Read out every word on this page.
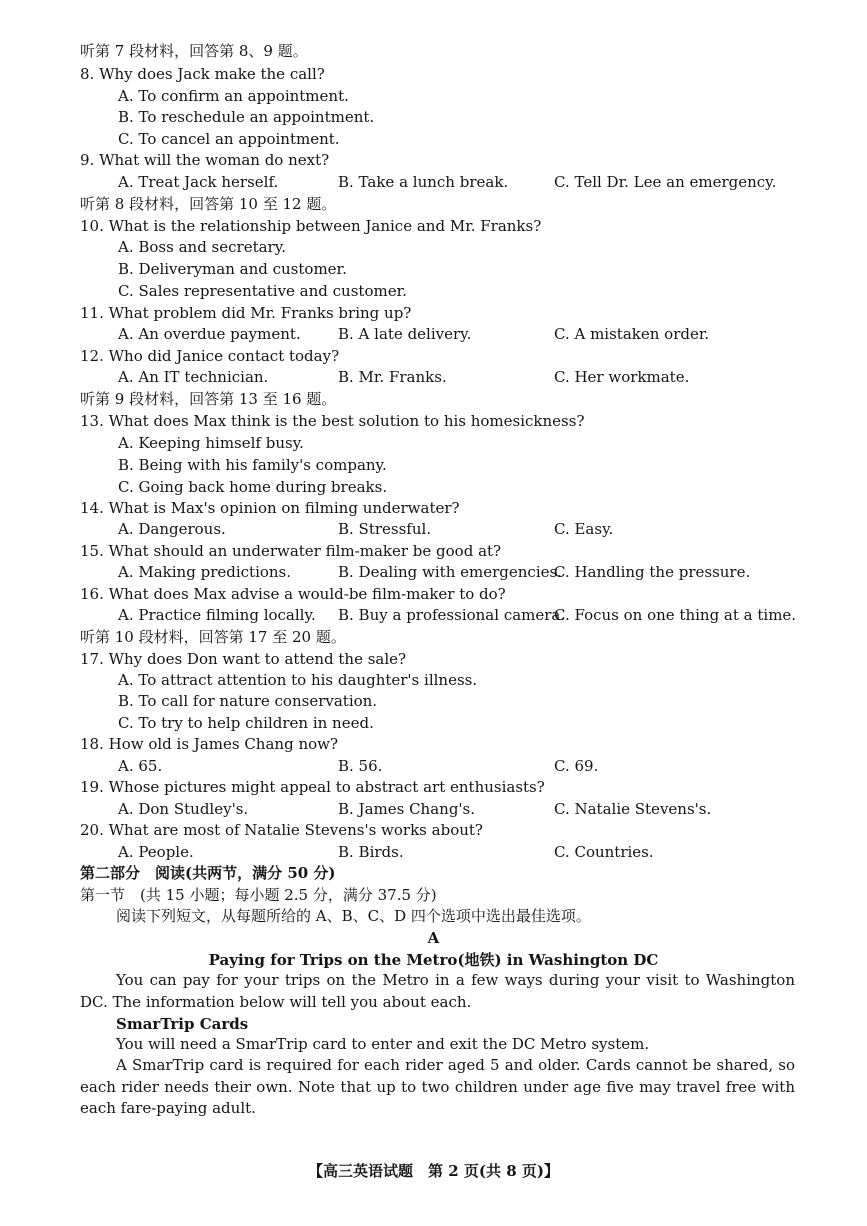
听第 7 段材料，回答第 8、9 题。
8. Why does Jack make the call?
A. To confirm an appointment.
B. To reschedule an appointment.
C. To cancel an appointment.
9. What will the woman do next?
A. Treat Jack herself.	B. Take a lunch break.	C. Tell Dr. Lee an emergency.
听第 8 段材料，回答第 10 至 12 题。
10. What is the relationship between Janice and Mr. Franks?
A. Boss and secretary.
B. Deliveryman and customer.
C. Sales representative and customer.
11. What problem did Mr. Franks bring up?
A. An overdue payment. B. A late delivery.	C. A mistaken order.
12. Who did Janice contact today?
A. An IT technician.	B. Mr. Franks.	C. Her workmate.
听第 9 段材料，回答第 13 至 16 题。
13. What does Max think is the best solution to his homesickness?
A. Keeping himself busy.
B. Being with his family's company.
C. Going back home during breaks.
14. What is Max's opinion on filming underwater?
A. Dangerous.	B. Stressful.	C. Easy.
15. What should an underwater film-maker be good at?
A. Making predictions.	B. Dealing with emergencies.
C. Handling the pressure.
16. What does Max advise a would-be film-maker to do?
A. Practice filming locally. B. Buy a professional camera.
C. Focus on one thing at a time.
听第 10 段材料，回答第 17 至 20 题。
17. Why does Don want to attend the sale?
A. To attract attention to his daughter's illness.
B. To call for nature conservation.
C. To try to help children in need.
18. How old is James Chang now?
A. 65.	B. 56.	C. 69.
19. Whose pictures might appeal to abstract art enthusiasts?
A. Don Studley's.	B. James Chang's.	C. Natalie Stevens's.
20. What are most of Natalie Stevens's works about?
A. People.	B. Birds.	C. Countries.
第二部分　阅读(共两节，满分 50 分)
第一节　(共 15 小题；每小题 2.5 分，满分 37.5 分)
阅读下列短文，从每题所给的 A、B、C、D 四个选项中选出最佳选项。
A
Paying for Trips on the Metro(地铁) in Washington DC
You can pay for your trips on the Metro in a few ways during your visit to Washington DC. The information below will tell you about each.
SmarTrip Cards
You will need a SmarTrip card to enter and exit the DC Metro system.
A SmarTrip card is required for each rider aged 5 and older. Cards cannot be shared, so each rider needs their own. Note that up to two children under age five may travel free with each fare-paying adult.
【高三英语试题　第 2 页(共 8 页)】
